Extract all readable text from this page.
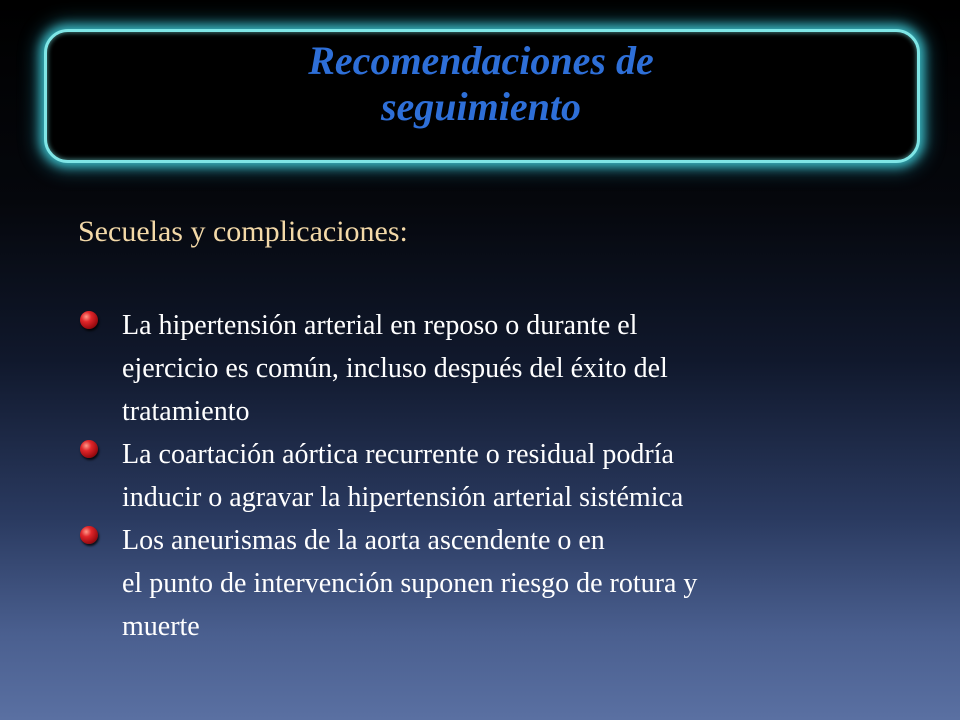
Recomendaciones de
seguimiento
Secuelas y complicaciones:
La hipertensión arterial en reposo o durante el
ejercicio es común, incluso después del éxito del
tratamiento
La coartación aórtica recurrente o residual podría
inducir o agravar la hipertensión arterial sistémica
Los aneurismas de la aorta ascendente o en
el punto de intervención suponen riesgo de rotura y
muerte
